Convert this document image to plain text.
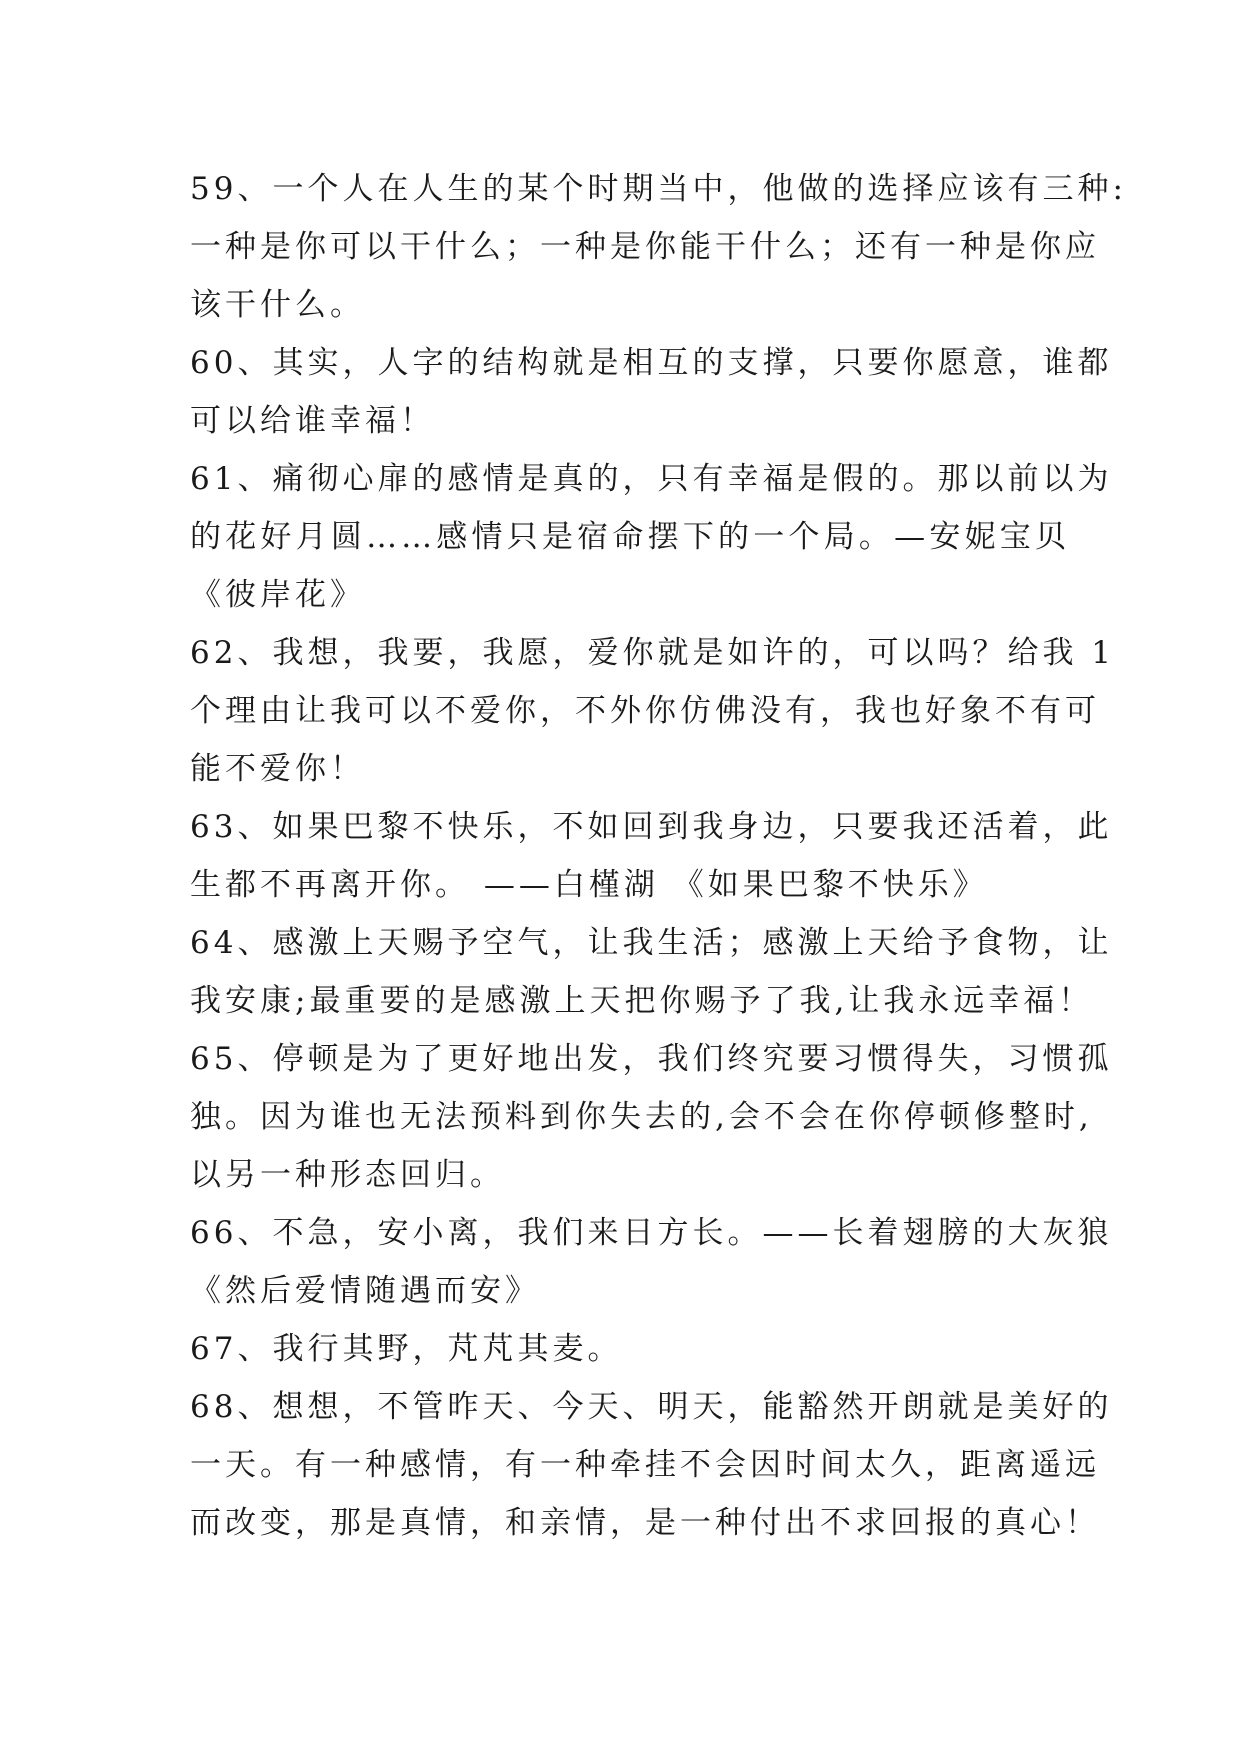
59、一个人在人生的某个时期当中，他做的选择应该有三种:
一种是你可以干什么；一种是你能干什么；还有一种是你应
该干什么。
60、其实，人字的结构就是相互的支撑，只要你愿意，谁都
可以给谁幸福！
61、痛彻心扉的感情是真的，只有幸福是假的。那以前以为
的花好月圆……感情只是宿命摆下的一个局。—安妮宝贝
《彼岸花》
62、我想，我要，我愿，爱你就是如许的，可以吗？给我 1
个理由让我可以不爱你，不外你仿佛没有，我也好象不有可
能不爱你！
63、如果巴黎不快乐，不如回到我身边，只要我还活着，此
生都不再离开你。 ——白槿湖 《如果巴黎不快乐》
64、感激上天赐予空气，让我生活；感激上天给予食物，让
我安康;最重要的是感激上天把你赐予了我,让我永远幸福！
65、停顿是为了更好地出发，我们终究要习惯得失，习惯孤
独。因为谁也无法预料到你失去的,会不会在你停顿修整时,
以另一种形态回归。
66、不急，安小离，我们来日方长。——长着翅膀的大灰狼
《然后爱情随遇而安》
67、我行其野，芃芃其麦。
68、想想，不管昨天、今天、明天，能豁然开朗就是美好的
一天。有一种感情，有一种牵挂不会因时间太久，距离遥远
而改变，那是真情，和亲情，是一种付出不求回报的真心！
